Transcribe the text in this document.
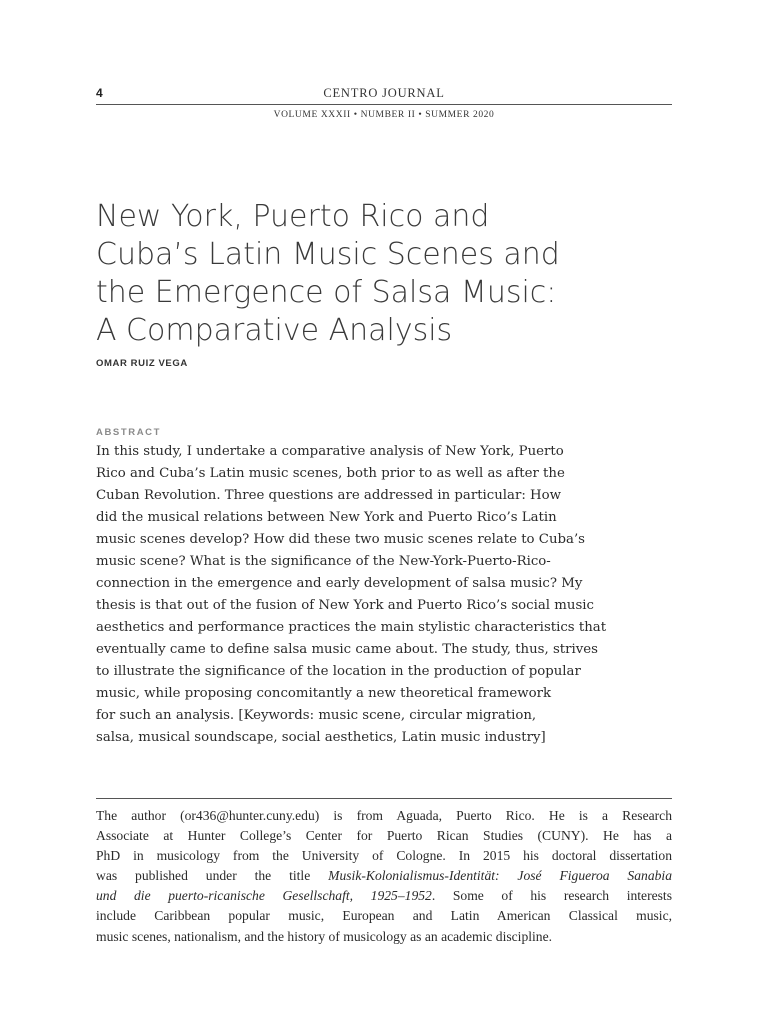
4	CENTRO JOURNAL
VOLUME XXXII • NUMBER II • SUMMER 2020
New York, Puerto Rico and
Cuba’s Latin Music Scenes and
the Emergence of Salsa Music:
A Comparative Analysis
OMAR RUIZ VEGA
ABSTRACT
In this study, I undertake a comparative analysis of New York, Puerto
Rico and Cuba’s Latin music scenes, both prior to as well as after the
Cuban Revolution. Three questions are addressed in particular: How
did the musical relations between New York and Puerto Rico’s Latin
music scenes develop? How did these two music scenes relate to Cuba’s
music scene? What is the significance of the New-York-Puerto-Rico-
connection in the emergence and early development of salsa music? My
thesis is that out of the fusion of New York and Puerto Rico’s social music
aesthetics and performance practices the main stylistic characteristics that
eventually came to define salsa music came about. The study, thus, strives
to illustrate the significance of the location in the production of popular
music, while proposing concomitantly a new theoretical framework
for such an analysis. [Keywords: music scene, circular migration,
salsa, musical soundscape, social aesthetics, Latin music industry]
The author (or436@hunter.cuny.edu) is from Aguada, Puerto Rico. He is a Research
Associate at Hunter College’s Center for Puerto Rican Studies (CUNY). He has a
PhD in musicology from the University of Cologne. In 2015 his doctoral dissertation
was published under the title Musik-Kolonialismus-Identität: José Figueroa Sanabia
und die puerto-ricanische Gesellschaft, 1925–1952. Some of his research interests
include Caribbean popular music, European and Latin American Classical music,
music scenes, nationalism, and the history of musicology as an academic discipline.
